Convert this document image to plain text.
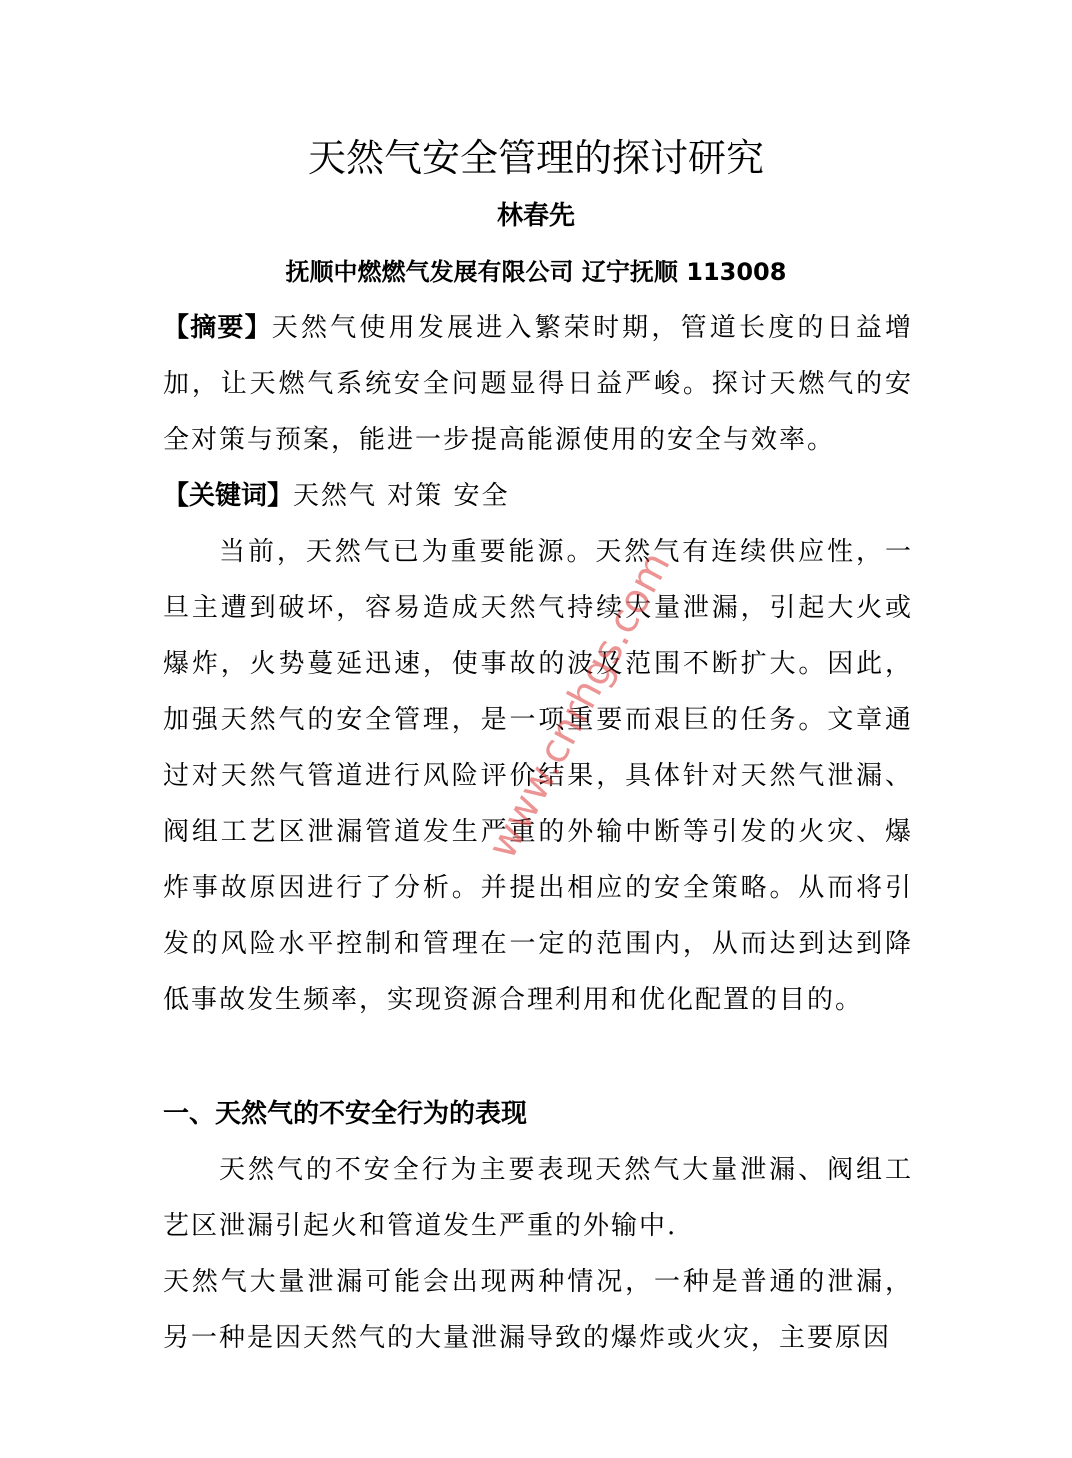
天然气安全管理的探讨研究
林春先
抚顺中燃燃气发展有限公司 辽宁抚顺 113008
【摘要】天然气使用发展进入繁荣时期，管道长度的日益增加，让天燃气系统安全问题显得日益严峻。探讨天燃气的安全对策与预案，能进一步提高能源使用的安全与效率。
【关键词】天然气 对策 安全
当前，天然气已为重要能源。天然气有连续供应性，一旦主遭到破坏，容易造成天然气持续大量泄漏，引起大火或爆炸，火势蔓延迅速，使事故的波及范围不断扩大。因此，加强天然气的安全管理，是一项重要而艰巨的任务。文章通过对天然气管道进行风险评价结果，具体针对天然气泄漏、阀组工艺区泄漏管道发生严重的外输中断等引发的火灾、爆炸事故原因进行了分析。并提出相应的安全策略。从而将引发的风险水平控制和管理在一定的范围内，从而达到达到降低事故发生频率，实现资源合理利用和优化配置的目的。
一、天然气的不安全行为的表现
天然气的不安全行为主要表现天然气大量泄漏、阀组工艺区泄漏引起火和管道发生严重的外输中.
天然气大量泄漏可能会出现两种情况，一种是普通的泄漏，另一种是因天然气的大量泄漏导致的爆炸或火灾，主要原因
www.cnrhgs.com
